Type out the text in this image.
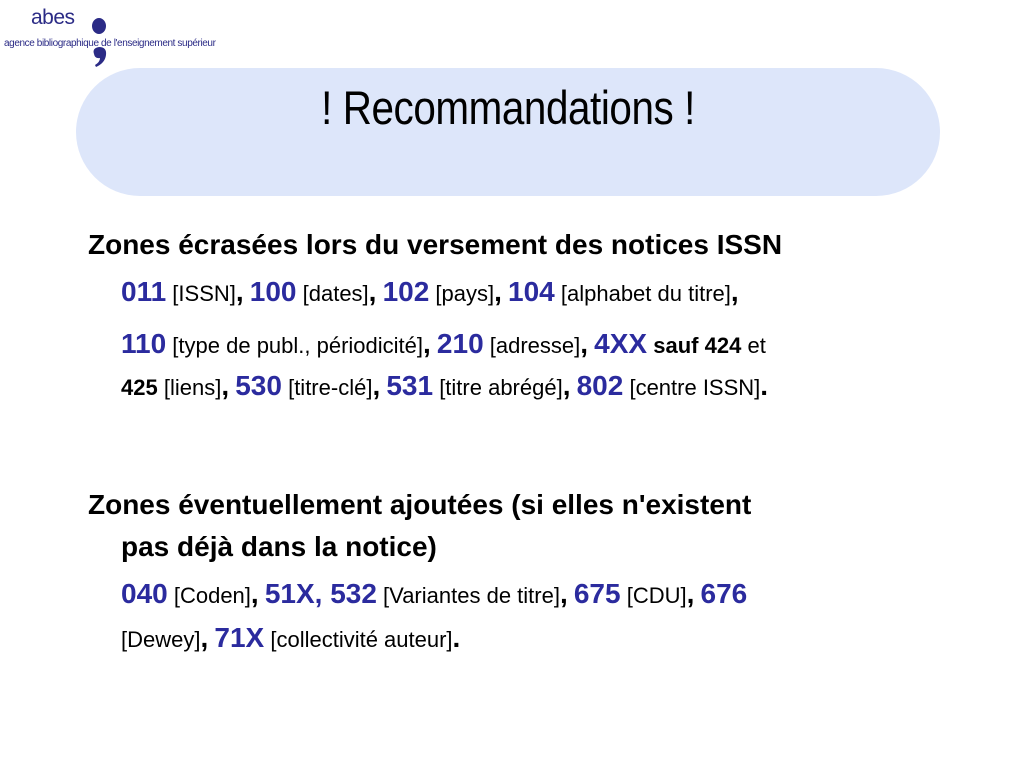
abes
agence bibliographique de l'enseignement supérieur
! Recommandations !
Zones écrasées lors du versement des notices ISSN
011 [ISSN], 100 [dates], 102 [pays], 104 [alphabet du titre],
110 [type de publ., périodicité], 210 [adresse], 4XX sauf 424 et
425 [liens], 530 [titre-clé], 531 [titre abrégé], 802 [centre ISSN].
Zones éventuellement ajoutées (si elles n'existent
pas déjà dans la notice)
040 [Coden], 51X, 532 [Variantes de titre], 675 [CDU], 676
[Dewey], 71X [collectivité auteur].
